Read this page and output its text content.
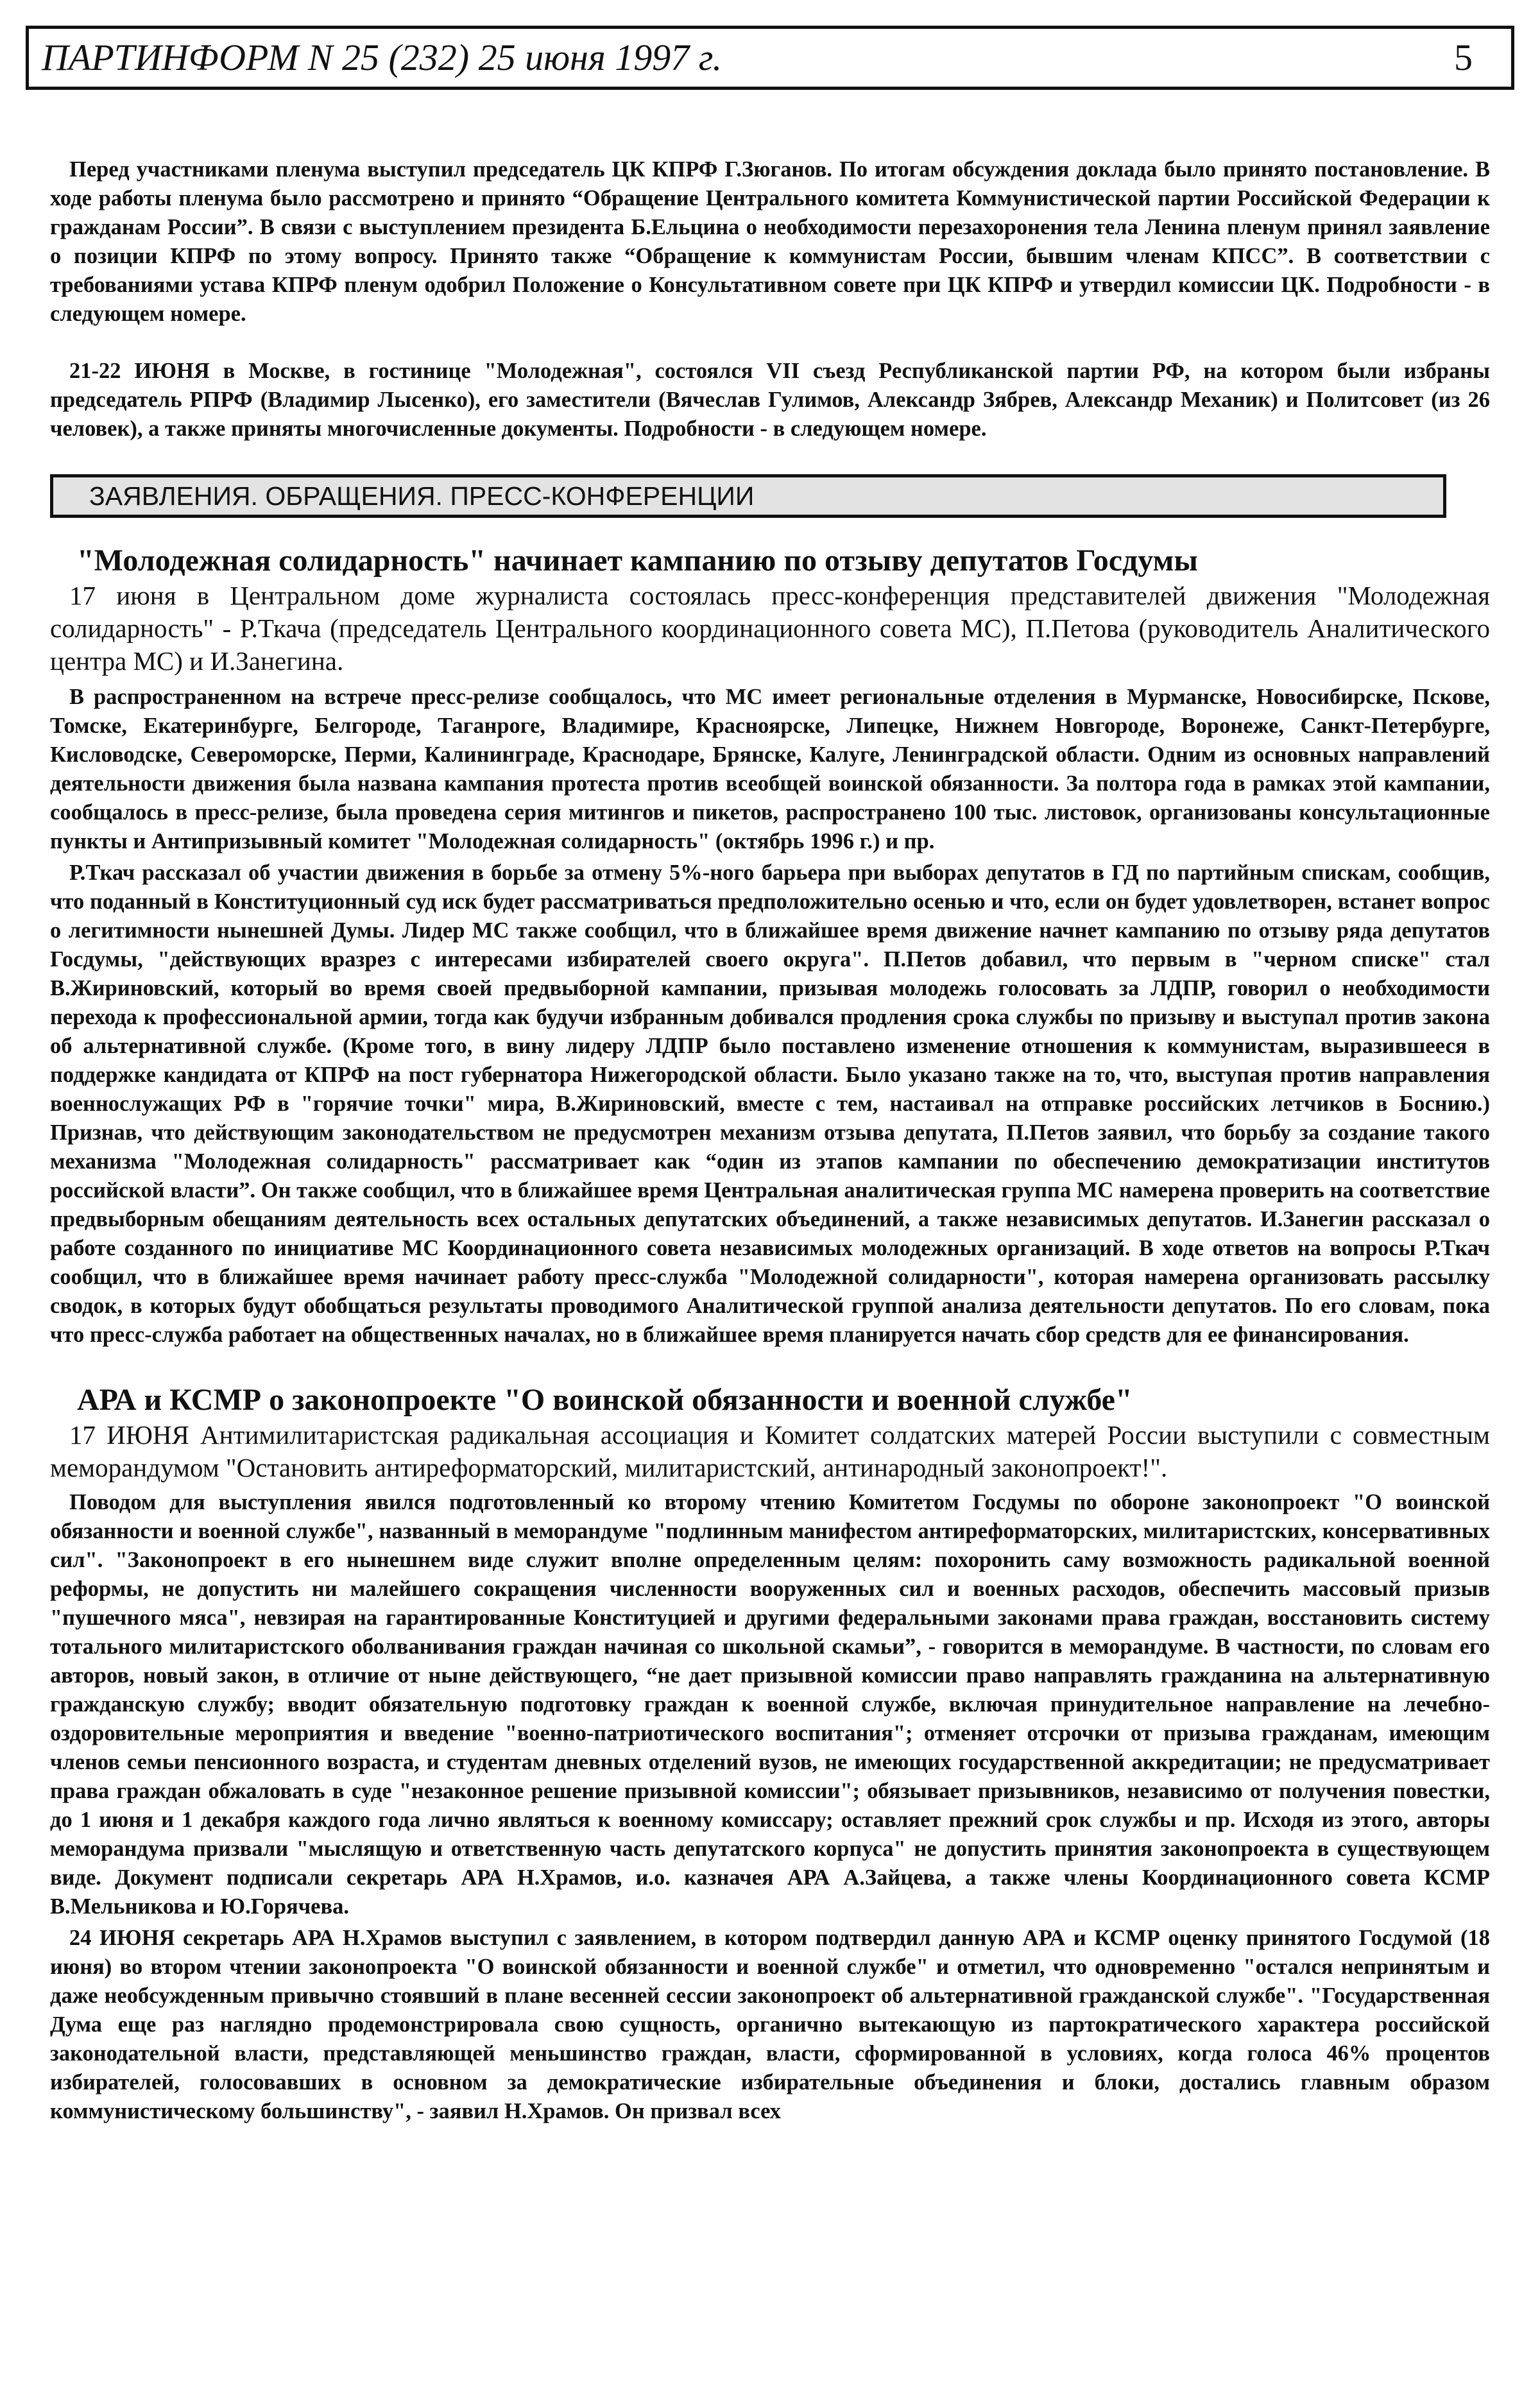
ПАРТИНФОРМ N 25 (232) 25 июня 1997 г.	5

Перед участниками пленума выступил председатель ЦК КПРФ Г.Зюганов. По итогам обсуждения доклада было принято постановление. В ходе работы пленума было рассмотрено и принято “Обращение Центрального комитета Коммунистической партии Российской Федерации к гражданам России”. В связи с выступлением президента Б.Ельцина о необходимости перезахоронения тела Ленина пленум принял заявление о позиции КПРФ по этому вопросу. Принято также “Обращение к коммунистам России, бывшим членам КПСС”. В соответствии с требованиями устава КПРФ пленум одобрил Положение о Консультативном совете при ЦК КПРФ и утвердил комиссии ЦК. Подробности - в следующем номере.

21-22 ИЮНЯ в Москве, в гостинице "Молодежная", состоялся VII съезд Республиканской партии РФ, на котором были избраны председатель РПРФ (Владимир Лысенко), его заместители (Вячеслав Гулимов, Александр Зябрев, Александр Механик) и Политсовет (из 26 человек), а также приняты многочисленные документы. Подробности - в следующем номере.

ЗАЯВЛЕНИЯ. ОБРАЩЕНИЯ. ПРЕСС-КОНФЕРЕНЦИИ

"Молодежная солидарность" начинает кампанию по отзыву депутатов Госдумы

17 июня в Центральном доме журналиста состоялась пресс-конференция представителей движения "Молодежная солидарность" - Р.Ткача (председатель Центрального координационного совета МС), П.Петова (руководитель Аналитического центра МС) и И.Занегина.

В распространенном на встрече пресс-релизе сообщалось, что МС имеет региональные отделения в Мурманске, Новосибирске, Пскове, Томске, Екатеринбурге, Белгороде, Таганроге, Владимире, Красноярске, Липецке, Нижнем Новгороде, Воронеже, Санкт-Петербурге, Кисловодске, Североморске, Перми, Калининграде, Краснодаре, Брянске, Калуге, Ленинградской области. Одним из основных направлений деятельности движения была названа кампания протеста против всеобщей воинской обязанности. За полтора года в рамках этой кампании, сообщалось в пресс-релизе, была проведена серия митингов и пикетов, распространено 100 тыс. листовок, организованы консультационные пункты и Антипризывный комитет "Молодежная солидарность" (октябрь 1996 г.) и пр.

Р.Ткач рассказал об участии движения в борьбе за отмену 5%-ного барьера при выборах депутатов в ГД по партийным спискам, сообщив, что поданный в Конституционный суд иск будет рассматриваться предположительно осенью и что, если он будет удовлетворен, встанет вопрос о легитимности нынешней Думы. Лидер МС также сообщил, что в ближайшее время движение начнет кампанию по отзыву ряда депутатов Госдумы, "действующих вразрез с интересами избирателей своего округа". П.Петов добавил, что первым в "черном списке" стал В.Жириновский, который во время своей предвыборной кампании, призывая молодежь голосовать за ЛДПР, говорил о необходимости перехода к профессиональной армии, тогда как будучи избранным добивался продления срока службы по призыву и выступал против закона об альтернативной службе. (Кроме того, в вину лидеру ЛДПР было поставлено изменение отношения к коммунистам, выразившееся в поддержке кандидата от КПРФ на пост губернатора Нижегородской области. Было указано также на то, что, выступая против направления военнослужащих РФ в "горячие точки" мира, В.Жириновский, вместе с тем, настаивал на отправке российских летчиков в Боснию.) Признав, что действующим законодательством не предусмотрен механизм отзыва депутата, П.Петов заявил, что борьбу за создание такого механизма "Молодежная солидарность" рассматривает как “один из этапов кампании по обеспечению демократизации институтов российской власти”. Он также сообщил, что в ближайшее время Центральная аналитическая группа МС намерена проверить на соответствие предвыборным обещаниям деятельность всех остальных депутатских объединений, а также независимых депутатов. И.Занегин рассказал о работе созданного по инициативе МС Координационного совета независимых молодежных организаций. В ходе ответов на вопросы Р.Ткач сообщил, что в ближайшее время начинает работу пресс-служба "Молодежной солидарности", которая намерена организовать рассылку сводок, в которых будут обобщаться результаты проводимого Аналитической группой анализа деятельности депутатов. По его словам, пока что пресс-служба работает на общественных началах, но в ближайшее время планируется начать сбор средств для ее финансирования.

АРА и КСМР о законопроекте "О воинской обязанности и военной службе"

17 ИЮНЯ Антимилитаристская радикальная ассоциация и Комитет солдатских матерей России выступили с совместным меморандумом "Остановить антиреформаторский, милитаристский, антинародный законопроект!".

Поводом для выступления явился подготовленный ко второму чтению Комитетом Госдумы по обороне законопроект "О воинской обязанности и военной службе", названный в меморандуме "подлинным манифестом антиреформаторских, милитаристских, консервативных сил". "Законопроект в его нынешнем виде служит вполне определенным целям: похоронить саму возможность радикальной военной реформы, не допустить ни малейшего сокращения численности вооруженных сил и военных расходов, обеспечить массовый призыв "пушечного мяса", невзирая на гарантированные Конституцией и другими федеральными законами права граждан, восстановить систему тотального милитаристского оболванивания граждан начиная со школьной скамьи”, - говорится в меморандуме. В частности, по словам его авторов, новый закон, в отличие от ныне действующего, “не дает призывной комиссии право направлять гражданина на альтернативную гражданскую службу; вводит обязательную подготовку граждан к военной службе, включая принудительное направление на лечебно-оздоровительные мероприятия и введение "военно-патриотического воспитания"; отменяет отсрочки от призыва гражданам, имеющим членов семьи пенсионного возраста, и студентам дневных отделений вузов, не имеющих государственной аккредитации; не предусматривает права граждан обжаловать в суде "незаконное решение призывной комиссии"; обязывает призывников, независимо от получения повестки, до 1 июня и 1 декабря каждого года лично являться к военному комиссару; оставляет прежний срок службы и пр. Исходя из этого, авторы меморандума призвали "мыслящую и ответственную часть депутатского корпуса" не допустить принятия законопроекта в существующем виде. Документ подписали секретарь АРА Н.Храмов, и.о. казначея АРА А.Зайцева, а также члены Координационного совета КСМР В.Мельникова и Ю.Горячева.

24 ИЮНЯ секретарь АРА Н.Храмов выступил с заявлением, в котором подтвердил данную АРА и КСМР оценку принятого Госдумой (18 июня) во втором чтении законопроекта "О воинской обязанности и военной службе" и отметил, что одновременно "остался непринятым и даже необсужденным привычно стоявший в плане весенней сессии законопроект об альтернативной гражданской службе". "Государственная Дума еще раз наглядно продемонстрировала свою сущность, органично вытекающую из партократического характера российской законодательной власти, представляющей меньшинство граждан, власти, сформированной в условиях, когда голоса 46% процентов избирателей, голосовавших в основном за демократические избирательные объединения и блоки, достались главным образом коммунистическому большинству", - заявил Н.Храмов. Он призвал всех
